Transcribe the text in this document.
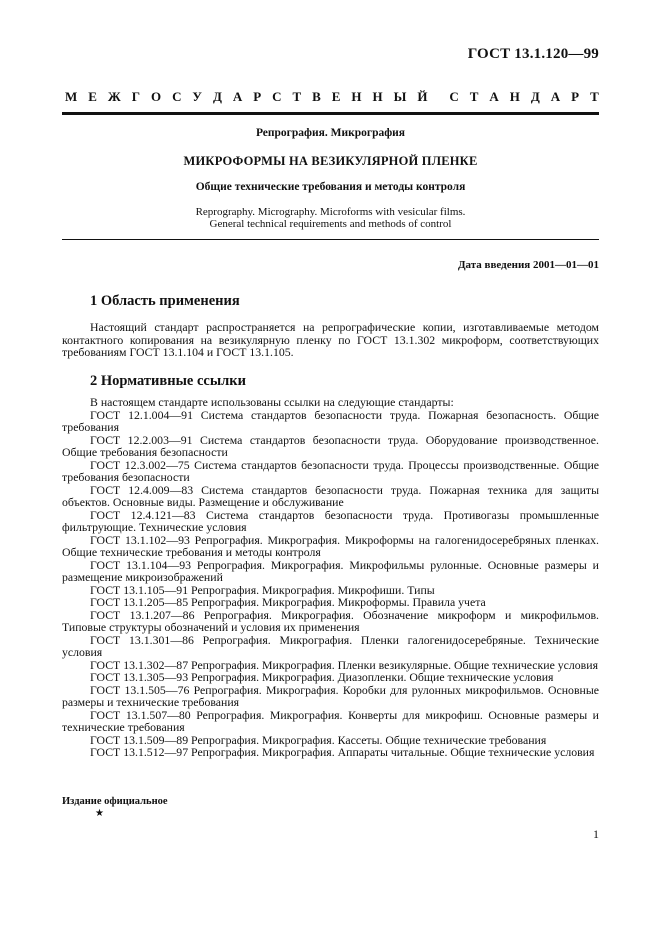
ГОСТ 13.1.120—99
М Е Ж Г О С У Д А Р С Т В Е Н Н Ы Й С Т А Н Д А Р Т
Репрография. Микрография
МИКРОФОРМЫ НА ВЕЗИКУЛЯРНОЙ ПЛЕНКЕ
Общие технические требования и методы контроля
Reprography. Micrography. Microforms with vesicular films.
General technical requirements and methods of control
Дата введения 2001—01—01
1 Область применения
Настоящий стандарт распространяется на репрографические копии, изготавливаемые методом контактного копирования на везикулярную пленку по ГОСТ 13.1.302 микроформ, соответствующих требованиям ГОСТ 13.1.104 и ГОСТ 13.1.105.
2 Нормативные ссылки

В настоящем стандарте использованы ссылки на следующие стандарты:

ГОСТ 12.1.004—91 Система стандартов безопасности труда. Пожарная безопасность. Общие требования

ГОСТ 12.2.003—91 Система стандартов безопасности труда. Оборудование производственное. Общие требования безопасности

ГОСТ 12.3.002—75 Система стандартов безопасности труда. Процессы производственные. Общие требования безопасности

ГОСТ 12.4.009—83 Система стандартов безопасности труда. Пожарная техника для защиты объектов. Основные виды. Размещение и обслуживание

ГОСТ 12.4.121—83 Система стандартов безопасности труда. Противогазы промышленные фильтрующие. Технические условия

ГОСТ 13.1.102—93 Репрография. Микрография. Микроформы на галогенидосеребряных пленках. Общие технические требования и методы контроля

ГОСТ 13.1.104—93 Репрография. Микрография. Микрофильмы рулонные. Основные размеры и размещение микроизображений

ГОСТ 13.1.105—91 Репрография. Микрография. Микрофиши. Типы

ГОСТ 13.1.205—85 Репрография. Микрография. Микроформы. Правила учета

ГОСТ 13.1.207—86 Репрография. Микрография. Обозначение микроформ и микрофильмов. Типовые структуры обозначений и условия их применения

ГОСТ 13.1.301—86 Репрография. Микрография. Пленки галогенидосеребряные. Технические условия

ГОСТ 13.1.302—87 Репрография. Микрография. Пленки везикулярные. Общие технические условия

ГОСТ 13.1.305—93 Репрография. Микрография. Диазопленки. Общие технические условия

ГОСТ 13.1.505—76 Репрография. Микрография. Коробки для рулонных микрофильмов. Основные размеры и технические требования

ГОСТ 13.1.507—80 Репрография. Микрография. Конверты для микрофиш. Основные размеры и технические требования

ГОСТ 13.1.509—89 Репрография. Микрография. Кассеты. Общие технические требования

ГОСТ 13.1.512—97 Репрография. Микрография. Аппараты читальные. Общие технические условия

Издание официальное
★
1
